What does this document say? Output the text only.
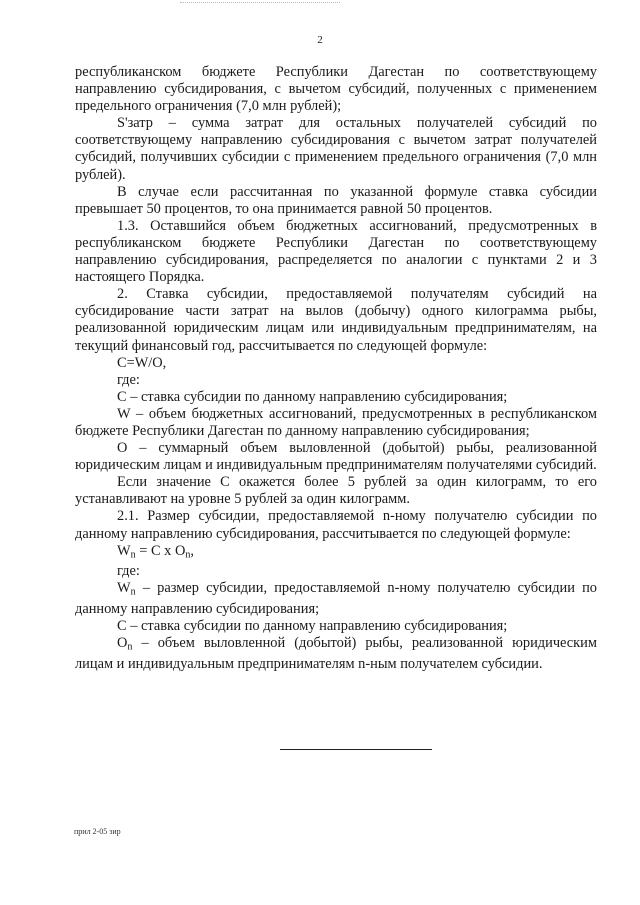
2

республиканском бюджете Республики Дагестан по соответствующему направлению субсидирования, с вычетом субсидий, полученных с применением предельного ограничения (7,0 млн рублей);

S'затр – сумма затрат для остальных получателей субсидий по соответствующему направлению субсидирования с вычетом затрат получателей субсидий, получивших субсидии с применением предельного ограничения (7,0 млн рублей).

В случае если рассчитанная по указанной формуле ставка субсидии превышает 50 процентов, то она принимается равной 50 процентов.

1.3. Оставшийся объем бюджетных ассигнований, предусмотренных в республиканском бюджете Республики Дагестан по соответствующему направлению субсидирования, распределяется по аналогии с пунктами 2 и 3 настоящего Порядка.

2. Ставка субсидии, предоставляемой получателям субсидий на субсидирование части затрат на вылов (добычу) одного килограмма рыбы, реализованной юридическим лицам или индивидуальным предпринимателям, на текущий финансовый год, рассчитывается по следующей формуле:

C=W/O,

где:

C – ставка субсидии по данному направлению субсидирования;

W – объем бюджетных ассигнований, предусмотренных в республиканском бюджете Республики Дагестан по данному направлению субсидирования;

O – суммарный объем выловленной (добытой) рыбы, реализованной юридическим лицам и индивидуальным предпринимателям получателями субсидий.

Если значение C окажется более 5 рублей за один килограмм, то его устанавливают на уровне 5 рублей за один килограмм.

2.1. Размер субсидии, предоставляемой n-ному получателю субсидии по данному направлению субсидирования, рассчитывается по следующей формуле:

$W_n = C$ x $O_n$,

где:

$W_n$ – размер субсидии, предоставляемой n-ному получателю субсидии по данному направлению субсидирования;

C – ставка субсидии по данному направлению субсидирования;

$O_n$ – объем выловленной (добытой) рыбы, реализованной юридическим лицам и индивидуальным предпринимателям n-ным получателем субсидии.

прил 2-05 зир
